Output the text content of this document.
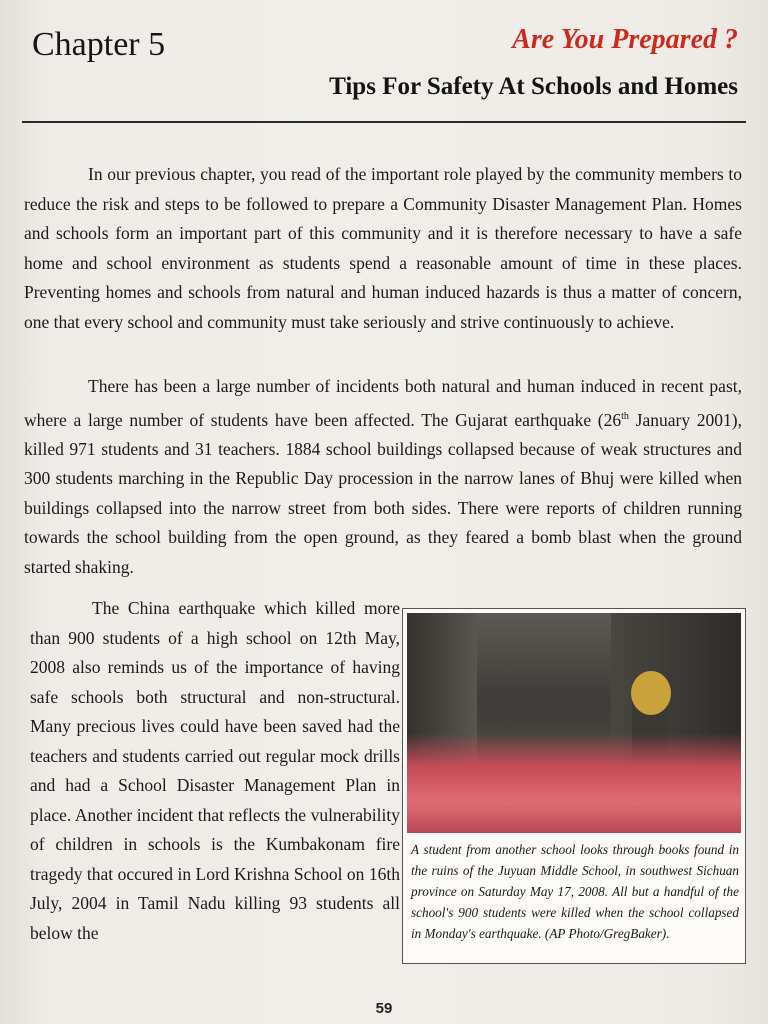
Chapter 5	Are You Prepared ?
Tips For Safety At Schools and Homes

In our previous chapter, you read of the important role played by the community members to reduce the risk and steps to be followed to prepare a Community Disaster Management Plan. Homes and schools form an important part of this community and it is therefore necessary to have a safe home and school environment as students spend a reasonable amount of time in these places. Preventing homes and schools from natural and human induced hazards is thus a matter of concern, one that every school and community must take seriously and strive continuously to achieve.

There has been a large number of incidents both natural and human induced in recent past, where a large number of students have been affected. The Gujarat earthquake (26th January 2001), killed 971 students and 31 teachers. 1884 school buildings collapsed because of weak structures and 300 students marching in the Republic Day procession in the narrow lanes of Bhuj were killed when buildings collapsed into the narrow street from both sides. There were reports of children running towards the school building from the open ground, as they feared a bomb blast when the ground started shaking.

The China earthquake which killed more than 900 students of a high school on 12th May, 2008 also reminds us of the importance of having safe schools both structural and non-structural. Many precious lives could have been saved had the teachers and students carried out regular mock drills and had a School Disaster Management Plan in place. Another incident that reflects the vulnerability of children in schools is the Kumbakonam fire tragedy that occured in Lord Krishna School on 16th July, 2004 in Tamil Nadu killing 93 students all below the

A student from another school looks through books found in the ruins of the Juyuan Middle School, in southwest Sichuan province on Saturday May 17, 2008. All but a handful of the school's 900 students were killed when the school collapsed in Monday's earthquake. (AP Photo/GregBaker).

59
